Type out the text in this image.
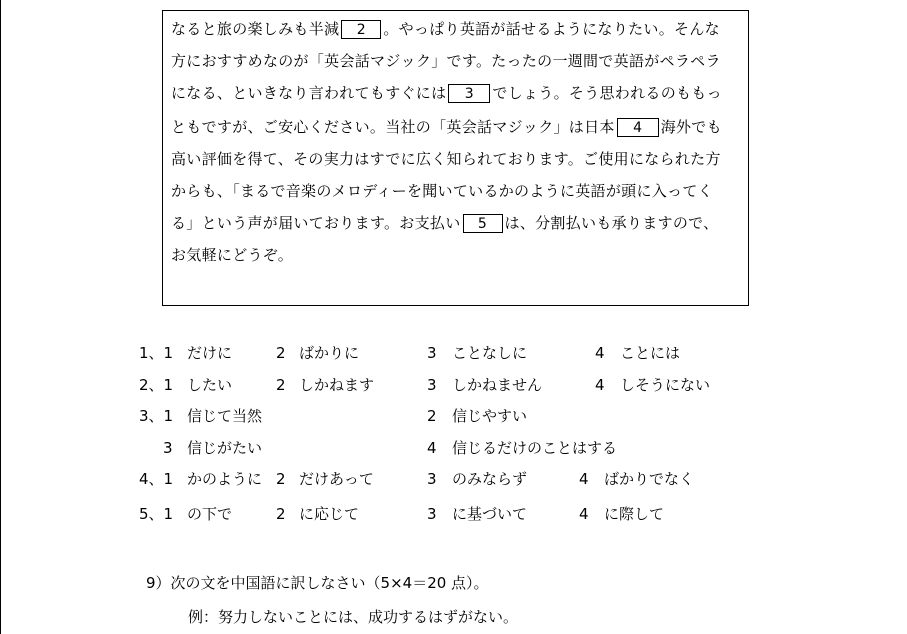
なると旅の楽しみも半減 2 。やっぱり英語が話せるようになりたい。そんな
方におすすめなのが「英会話マジック」です。たったの一週間で英語がペラペラ
になる、といきなり言われてもすぐには 3 でしょう。そう思われるのももっ
ともですが、ご安心ください。当社の「英会話マジック」は日本 4 海外でも
高い評価を得て、その実力はすでに広く知られております。ご使用になられた方
からも、「まるで音楽のメロディーを聞いているかのように英語が頭に入ってく
る」という声が届いております。お支払い 5 は、分割払いも承りますので、
お気軽にどうぞ。
1、1 だけに	2 ばかりに	3 ことなしに	4 ことには
2、1 したい	2 しかねます	3 しかねません	4 しそうにない
3、1 信じて当然	2 信じやすい
3 信じがたい	4 信じるだけのことはする
4、1 かのように 2 だけあって	3 のみならず	4 ばかりでなく
5、1 の下で	2 に応じて	3 に基づいて	4 に際して
9）次の文を中国語に訳しなさい（5×4＝20 点）。
例：努力しないことには、成功するはずがない。
